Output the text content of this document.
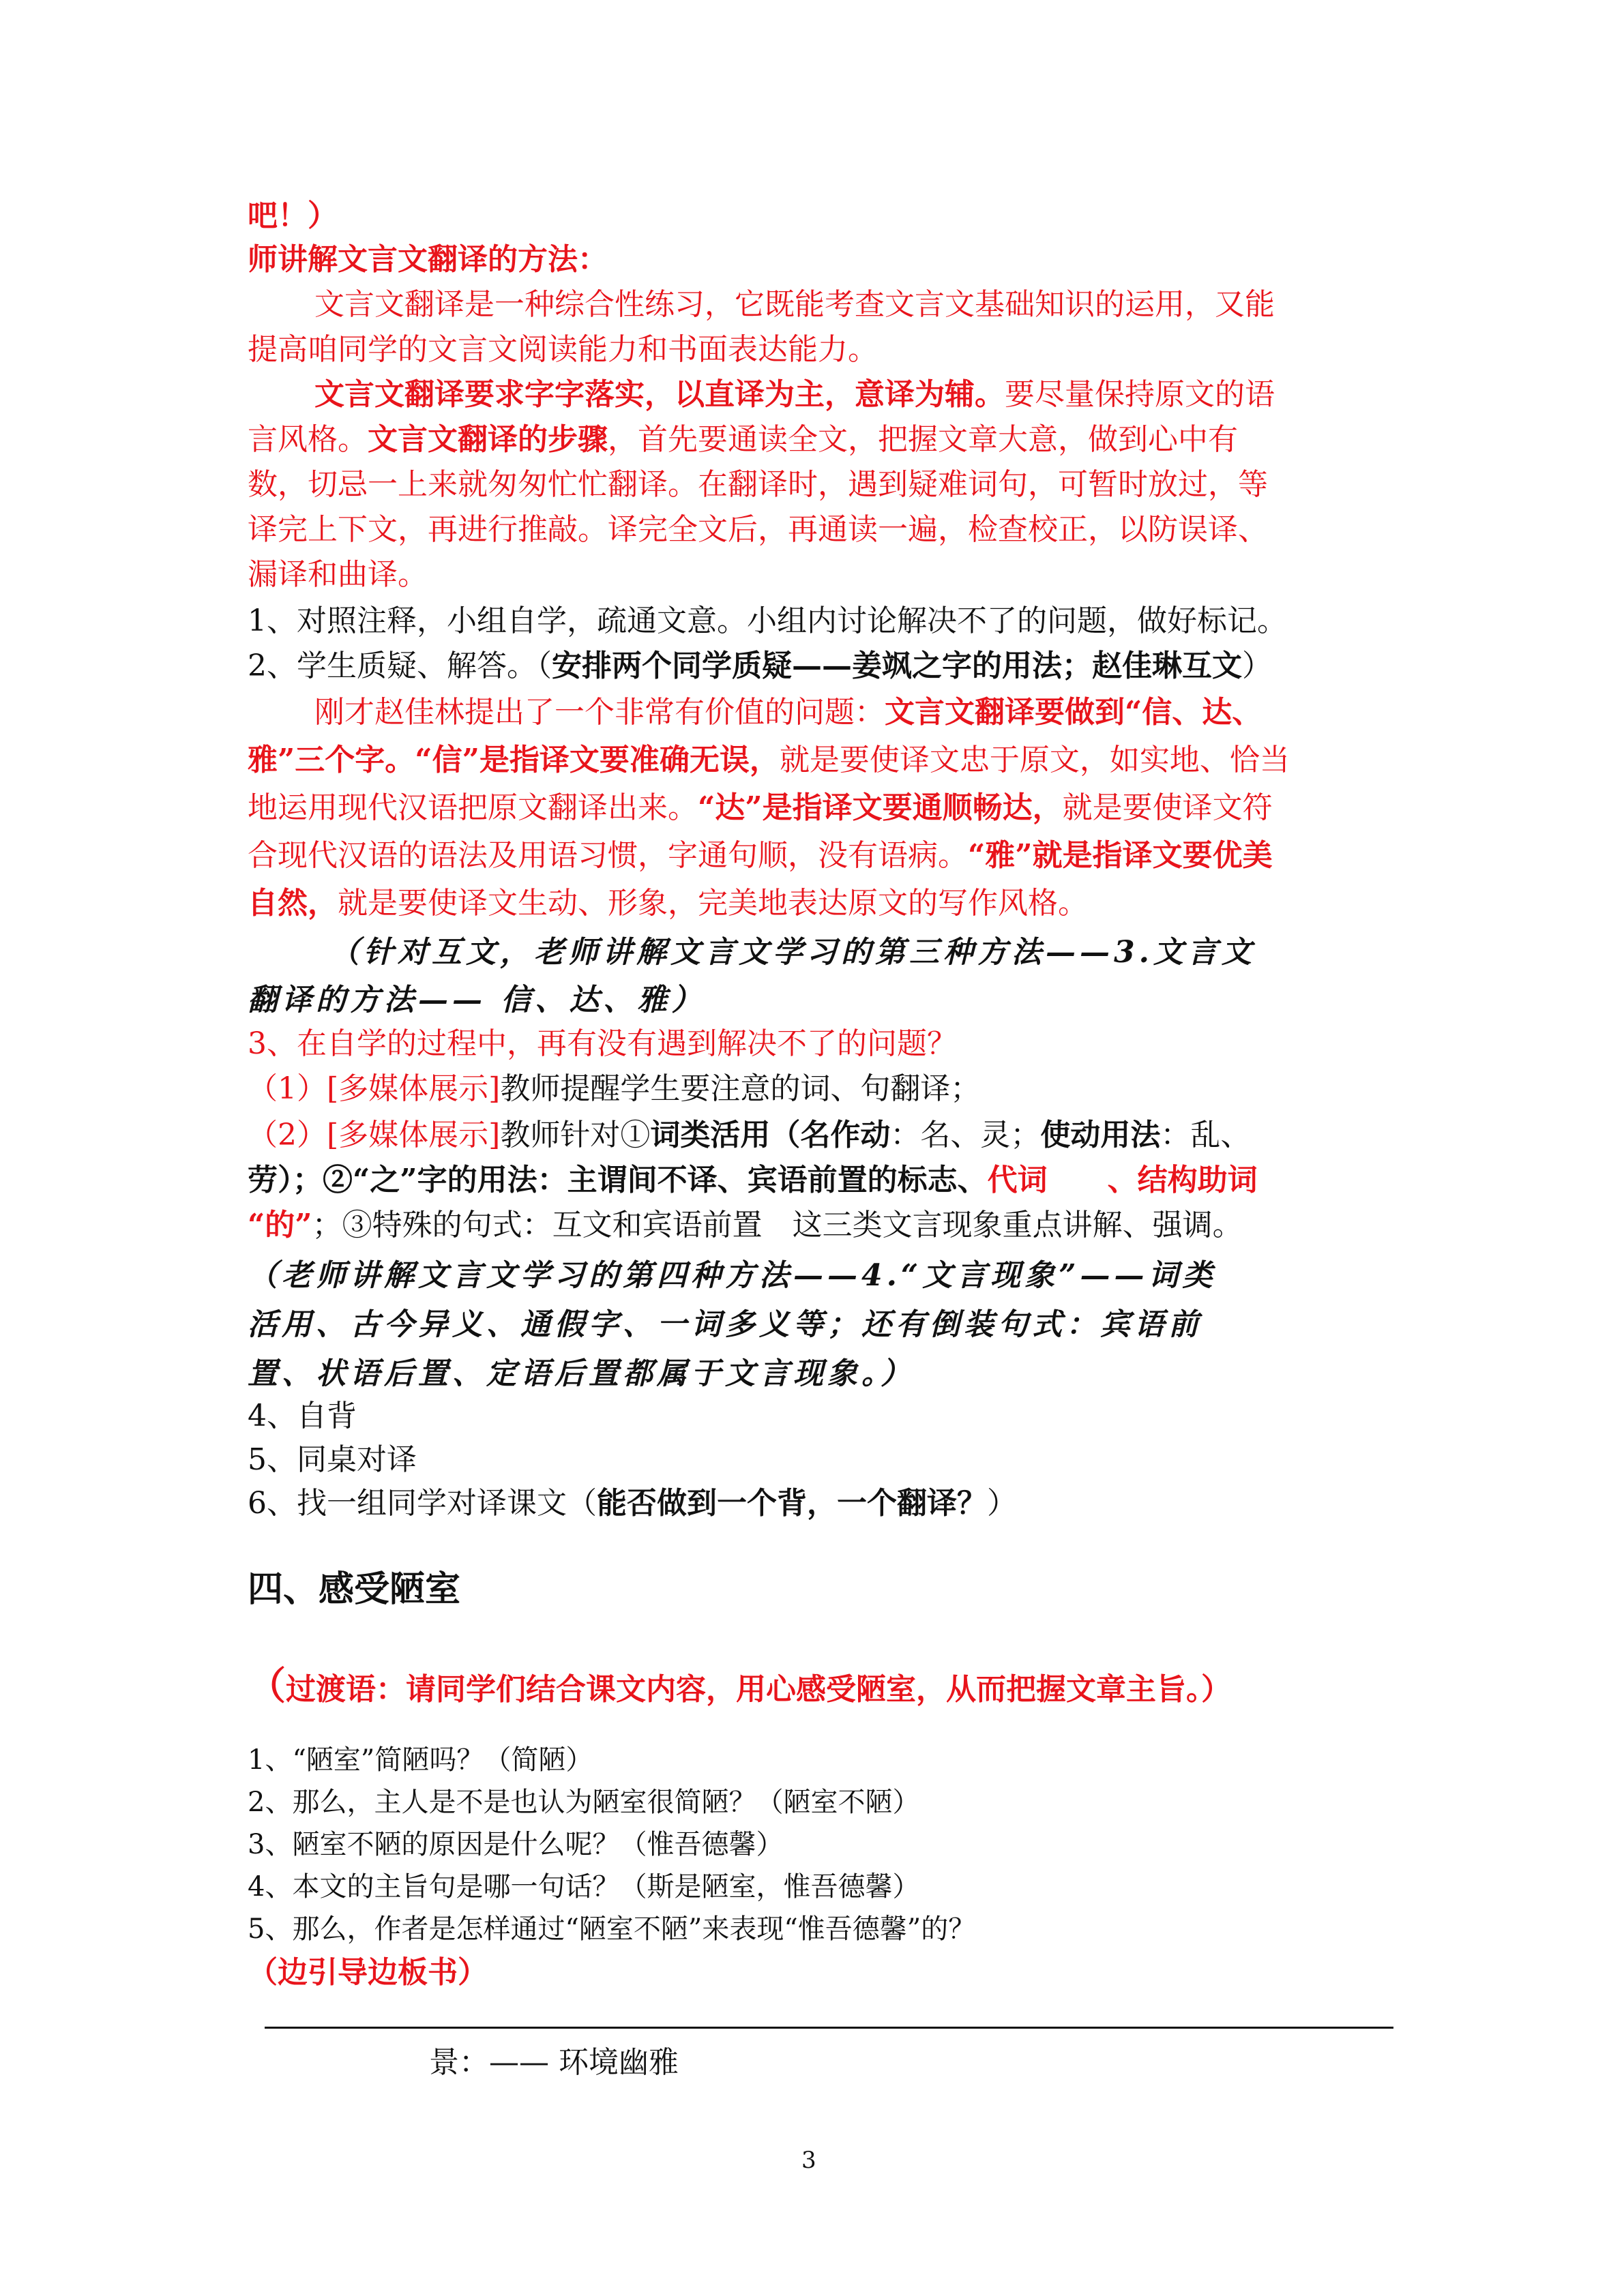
吧！）
师讲解文言文翻译的方法：
文言文翻译是一种综合性练习，它既能考查文言文基础知识的运用，又能
提高咱同学的文言文阅读能力和书面表达能力。
文言文翻译要求字字落实，以直译为主，意译为辅。要尽量保持原文的语
言风格。文言文翻译的步骤，首先要通读全文，把握文章大意，做到心中有
数，切忌一上来就匆匆忙忙翻译。在翻译时，遇到疑难词句，可暂时放过，等
译完上下文，再进行推敲。译完全文后，再通读一遍，检查校正，以防误译、
漏译和曲译。
1、对照注释，小组自学，疏通文意。小组内讨论解决不了的问题，做好标记。
2、学生质疑、解答。（安排两个同学质疑——姜飒之字的用法；赵佳琳互文）
刚才赵佳林提出了一个非常有价值的问题：文言文翻译要做到“信、达、
雅”三个字。“信”是指译文要准确无误，就是要使译文忠于原文，如实地、恰当
地运用现代汉语把原文翻译出来。“达”是指译文要通顺畅达，就是要使译文符
合现代汉语的语法及用语习惯，字通句顺，没有语病。“雅”就是指译文要优美
自然，就是要使译文生动、形象，完美地表达原文的写作风格。
（针对互文，老师讲解文言文学习的第三种方法——3.文言文
翻译的方法—— 信、达、雅）
3、在自学的过程中，再有没有遇到解决不了的问题？
（1）[多媒体展示]教师提醒学生要注意的词、句翻译；
（2）[多媒体展示]教师针对①词类活用（名作动：名、灵；使动用法：乱、
劳）；②“之”字的用法：主谓间不译、宾语前置的标志、代词　　、结构助词
“的”；③特殊的句式：互文和宾语前置　这三类文言现象重点讲解、强调。
（老师讲解文言文学习的第四种方法——4.“文言现象”——词类
活用、古今异义、通假字、一词多义等；还有倒装句式：宾语前
置、状语后置、定语后置都属于文言现象。）
4、自背
5、同桌对译
6、找一组同学对译课文（能否做到一个背，一个翻译？）
四、感受陋室
（过渡语：请同学们结合课文内容，用心感受陋室，从而把握文章主旨。）
1、“陋室”简陋吗？（简陋）
2、那么，主人是不是也认为陋室很简陋？（陋室不陋）
3、陋室不陋的原因是什么呢？（惟吾德馨）
4、本文的主旨句是哪一句话？（斯是陋室，惟吾德馨）
5、那么，作者是怎样通过“陋室不陋”来表现“惟吾德馨”的？
（边引导边板书）
景：—— 环境幽雅
3
